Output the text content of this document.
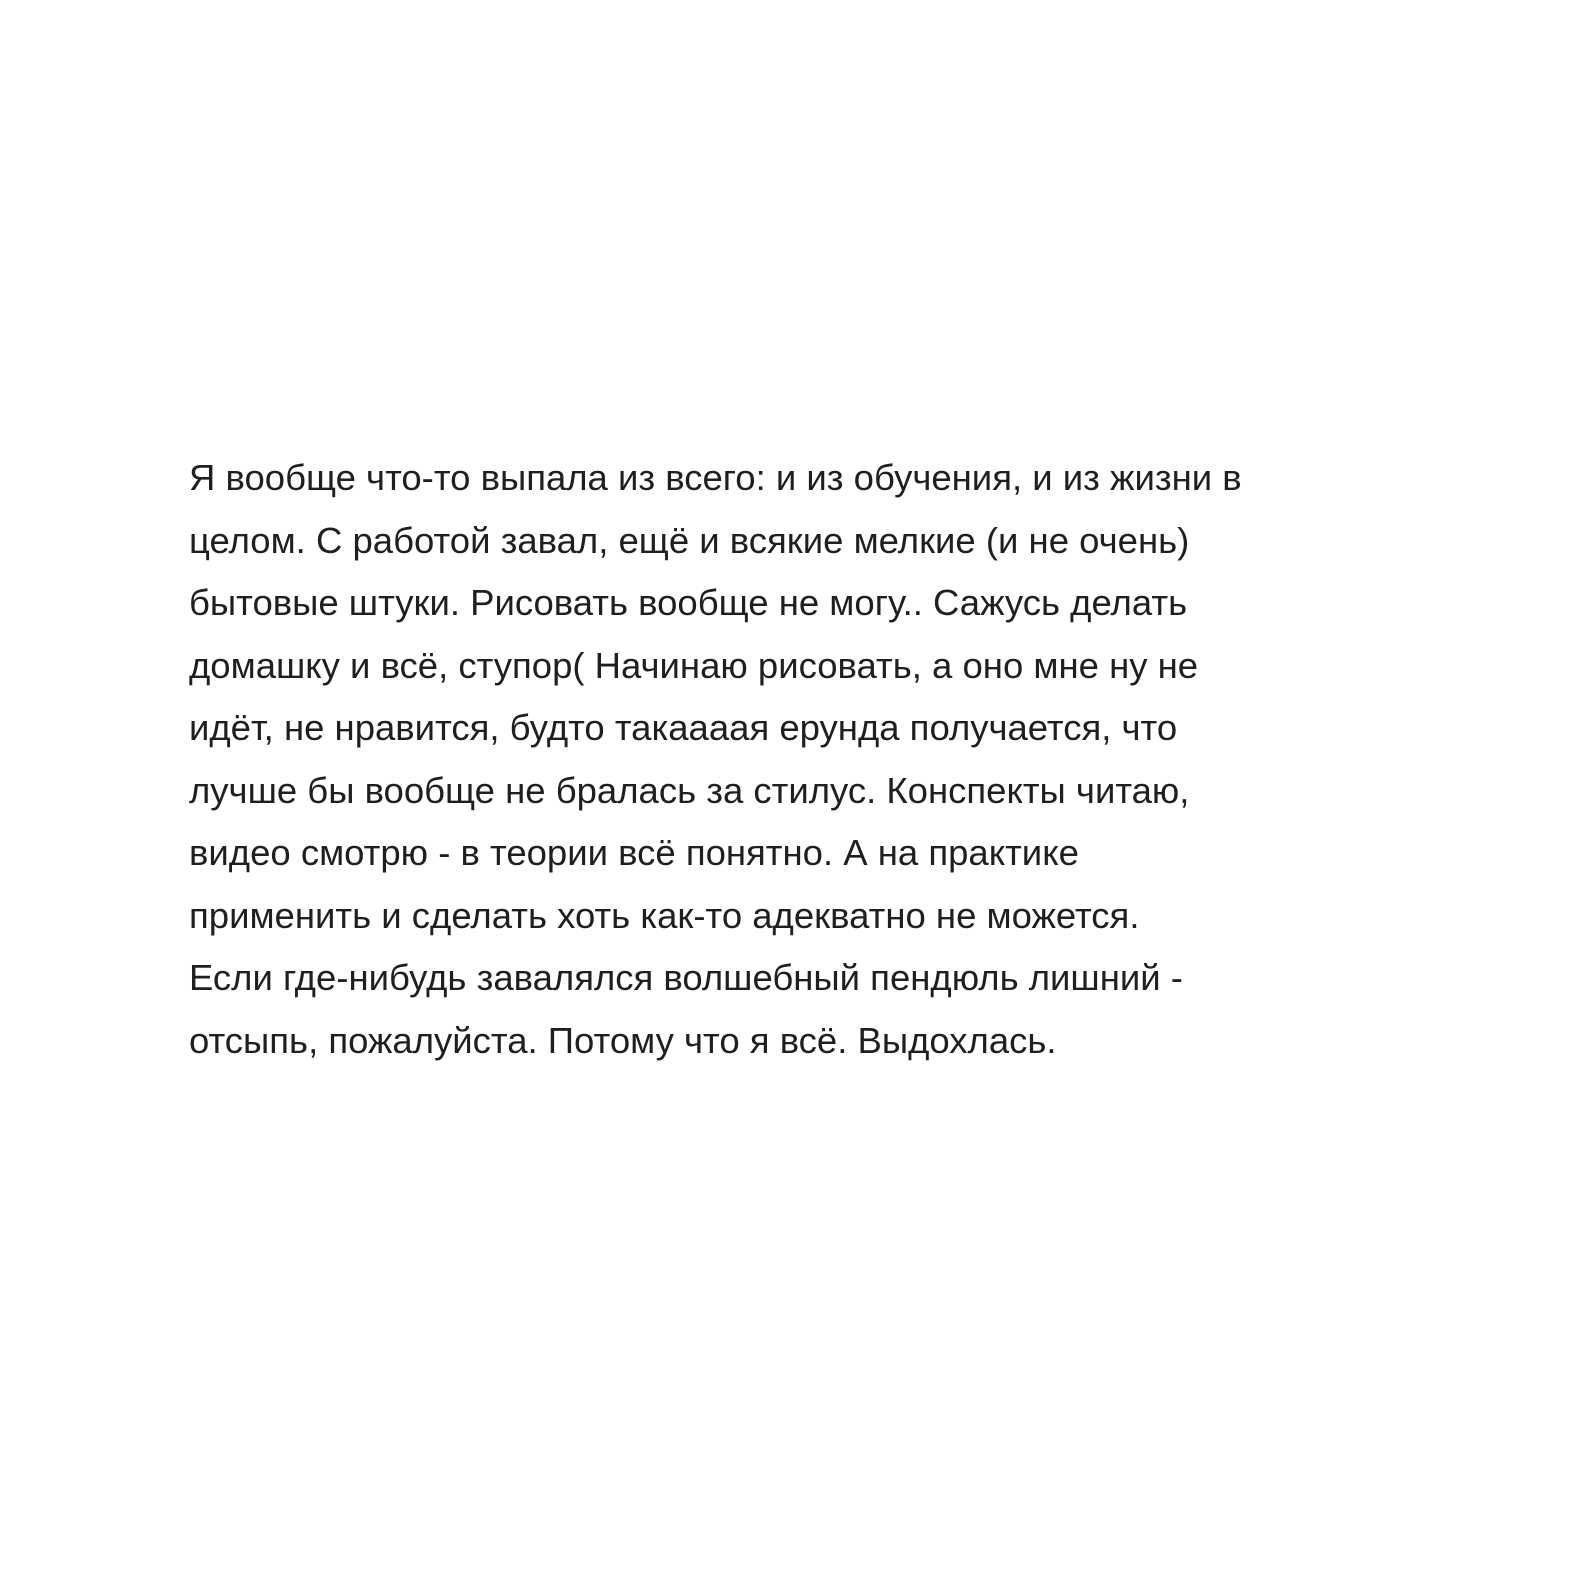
Я вообще что-то выпала из всего: и из обучения, и из жизни в
целом. С работой завал, ещё и всякие мелкие (и не очень)
бытовые штуки. Рисовать вообще не могу.. Сажусь делать
домашку и всё, ступор( Начинаю рисовать, а оно мне ну не
идёт, не нравится, будто такаааая ерунда получается, что
лучше бы вообще не бралась за стилус. Конспекты читаю,
видео смотрю - в теории всё понятно. А на практике
применить и сделать хоть как-то адекватно не можется.
Если где-нибудь завалялся волшебный пендюль лишний -
отсыпь, пожалуйста. Потому что я всё. Выдохлась.
